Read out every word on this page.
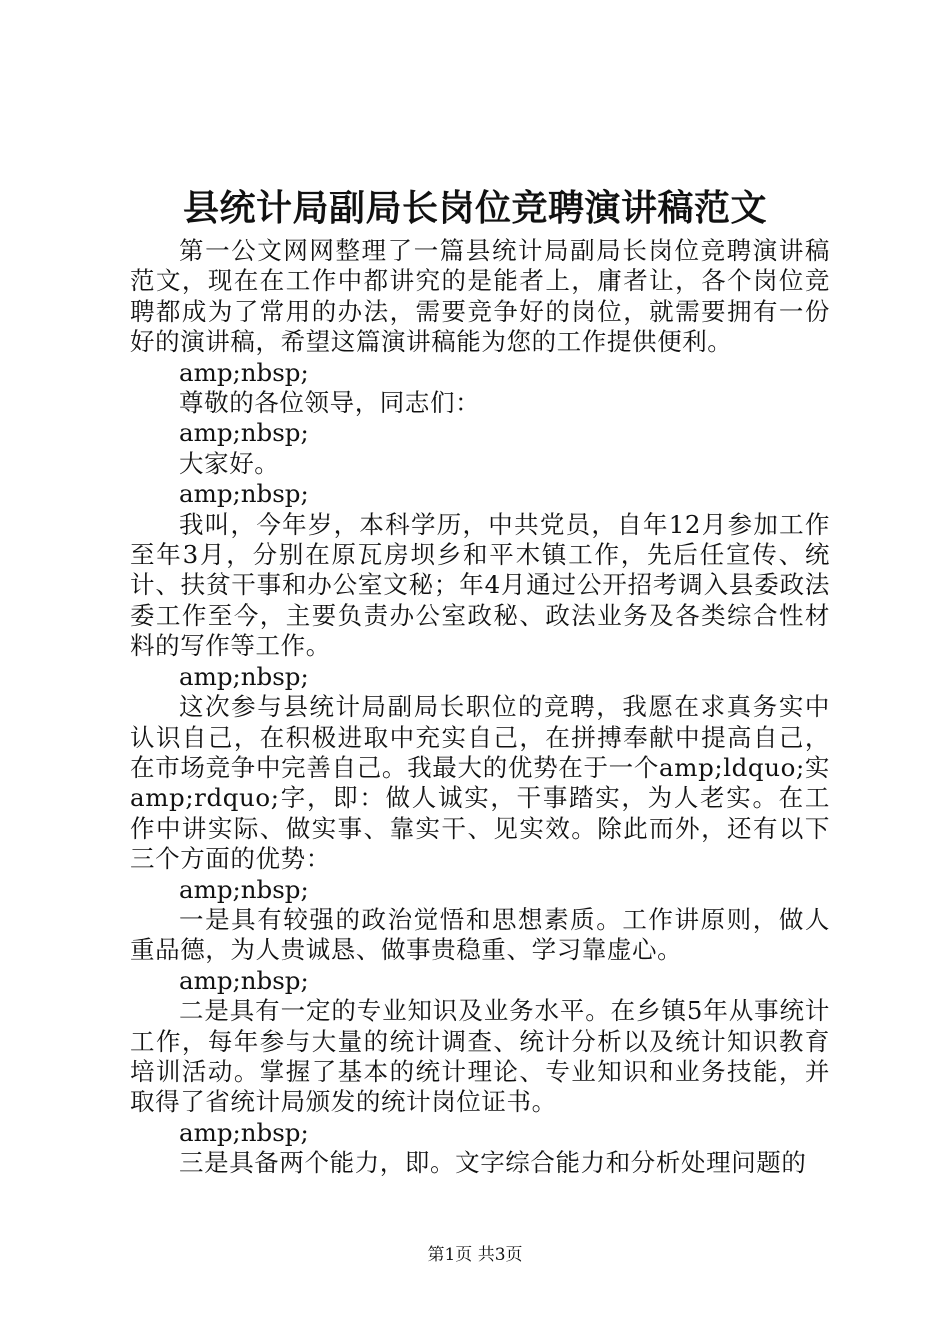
县统计局副局长岗位竞聘演讲稿范文

第一公文网网整理了一篇县统计局副局长岗位竞聘演讲稿范文，现在在工作中都讲究的是能者上，庸者让，各个岗位竞聘都成为了常用的办法，需要竞争好的岗位，就需要拥有一份好的演讲稿，希望这篇演讲稿能为您的工作提供便利。

amp;nbsp;

尊敬的各位领导，同志们：

amp;nbsp;

大家好。

amp;nbsp;

我叫，今年岁，本科学历，中共党员，自年12月参加工作至年3月，分别在原瓦房坝乡和平木镇工作，先后任宣传、统计、扶贫干事和办公室文秘；年4月通过公开招考调入县委政法委工作至今，主要负责办公室政秘、政法业务及各类综合性材料的写作等工作。

amp;nbsp;

这次参与县统计局副局长职位的竞聘，我愿在求真务实中认识自己，在积极进取中充实自己，在拼搏奉献中提高自己，在市场竞争中完善自己。我最大的优势在于一个amp;ldquo;实amp;rdquo;字，即：做人诚实，干事踏实，为人老实。在工作中讲实际、做实事、靠实干、见实效。除此而外，还有以下三个方面的优势：

amp;nbsp;

一是具有较强的政治觉悟和思想素质。工作讲原则，做人重品德，为人贵诚恳、做事贵稳重、学习靠虚心。

amp;nbsp;

二是具有一定的专业知识及业务水平。在乡镇5年从事统计工作，每年参与大量的统计调查、统计分析以及统计知识教育培训活动。掌握了基本的统计理论、专业知识和业务技能，并取得了省统计局颁发的统计岗位证书。

amp;nbsp;

三是具备两个能力，即。文字综合能力和分析处理问题的

第1页 共3页
